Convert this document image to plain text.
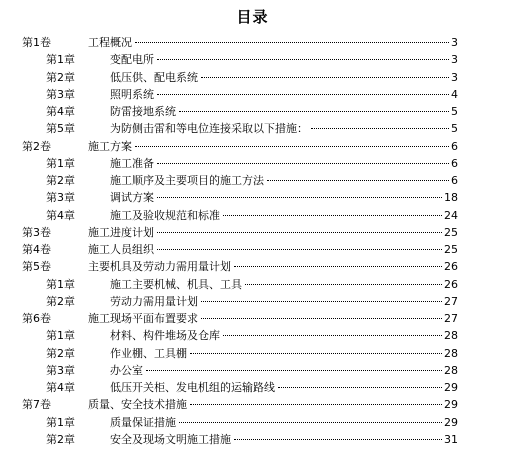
目录
第1卷	工程概况	3
第1章	变配电所	3
第2章	低压供、配电系统	3
第3章	照明系统	4
第4章	防雷接地系统	5
第5章	为防侧击雷和等电位连接采取以下措施：	5
第2卷	施工方案	6
第1章	施工准备	6
第2章	施工顺序及主要项目的施工方法	6
第3章	调试方案	18
第4章	施工及验收规范和标准	24
第3卷	施工进度计划	25
第4卷	施工人员组织	25
第5卷	主要机具及劳动力需用量计划	26
第1章	施工主要机械、机具、工具	26
第2章	劳动力需用量计划	27
第6卷	施工现场平面布置要求	27
第1章	材料、构件堆场及仓库	28
第2章	作业棚、工具棚	28
第3章	办公室	28
第4章	低压开关柜、发电机组的运输路线	29
第7卷	质量、安全技术措施	29
第1章	质量保证措施	29
第2章	安全及现场文明施工措施	31
